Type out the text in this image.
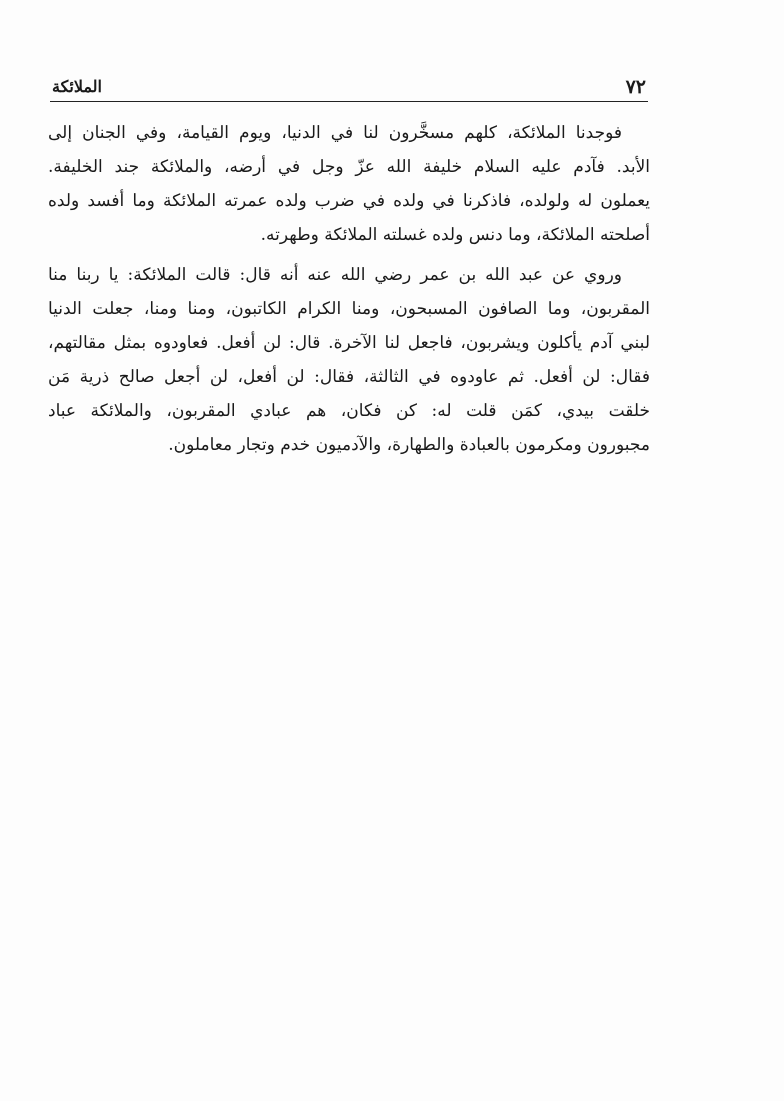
٧٢
الملائكة

فوجدنا الملائكة، كلهم مسخَّرون لنا في الدنيا، ويوم القيامة، وفي الجنان إلى
الأبد. فآدم عليه السلام خليفة الله عزّ وجل في أرضه، والملائكة جند الخليفة.
يعملون له ولولده، فاذكرنا في ولده في ضرب ولده عمرته الملائكة وما أفسد ولده
أصلحته الملائكة، وما دنس ولده غسلته الملائكة وطهرته.

وروي عن عبد الله بن عمر رضي الله عنه أنه قال: قالت الملائكة: يا ربنا منا
المقربون، وما الصافون المسبحون، ومنا الكرام الكاتبون، ومنا ومنا، جعلت الدنيا
لبني آدم يأكلون ويشربون، فاجعل لنا الآخرة. قال: لن أفعل. فعاودوه بمثل مقالتهم،
فقال: لن أفعل. ثم عاودوه في الثالثة، فقال: لن أفعل، لن أجعل صالح ذرية مَن
خلقت بيدي، كمَن قلت له: كن فكان، هم عبادي المقربون، والملائكة عباد
مجبورون ومكرمون بالعبادة والطهارة، والآدميون خدم وتجار معاملون.
